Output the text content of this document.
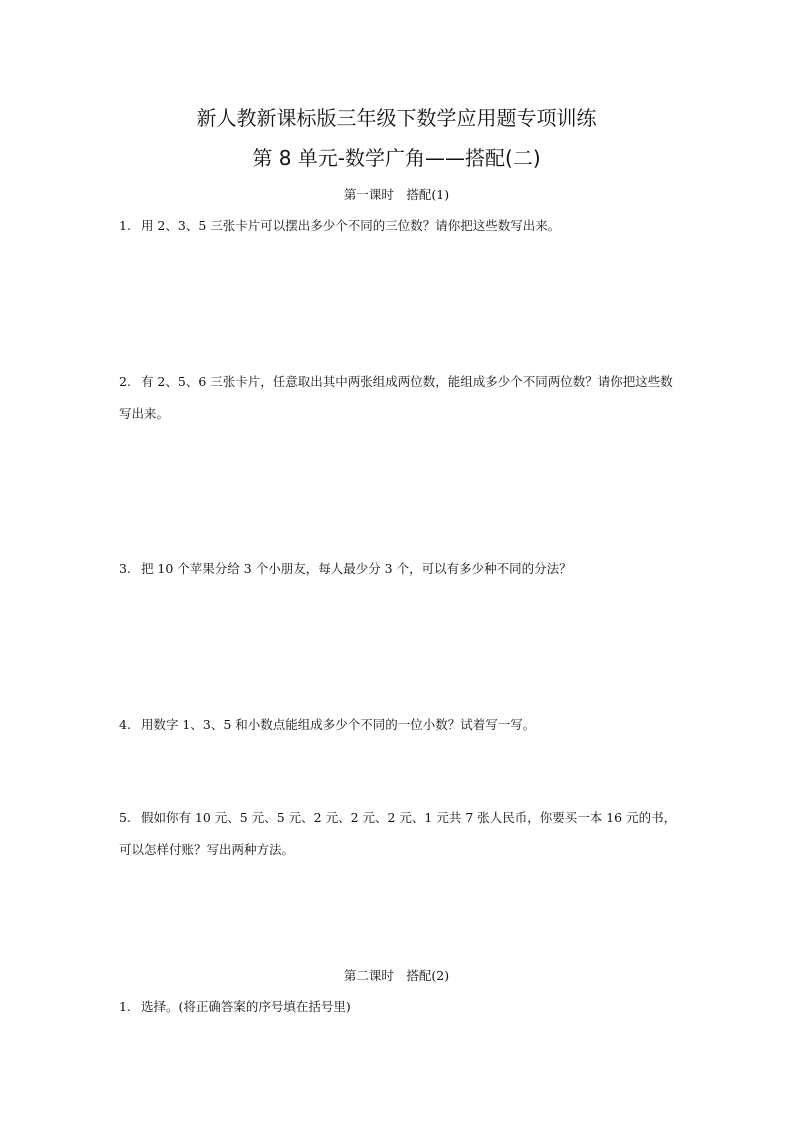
新人教新课标版三年级下数学应用题专项训练
第 8 单元-数学广角——搭配(二)
第一课时　搭配(1)

1. 用 2、3、5 三张卡片可以摆出多少个不同的三位数？请你把这些数写出来。

2. 有 2、5、6 三张卡片，任意取出其中两张组成两位数，能组成多少个不同两位数？请你把这些数写出来。

3. 把 10 个苹果分给 3 个小朋友，每人最少分 3 个，可以有多少种不同的分法？

4. 用数字 1、3、5 和小数点能组成多少个不同的一位小数？试着写一写。

5. 假如你有 10 元、5 元、5 元、2 元、2 元、2 元、1 元共 7 张人民币，你要买一本 16 元的书，可以怎样付账？写出两种方法。

第二课时　搭配(2)

1. 选择。(将正确答案的序号填在括号里)
